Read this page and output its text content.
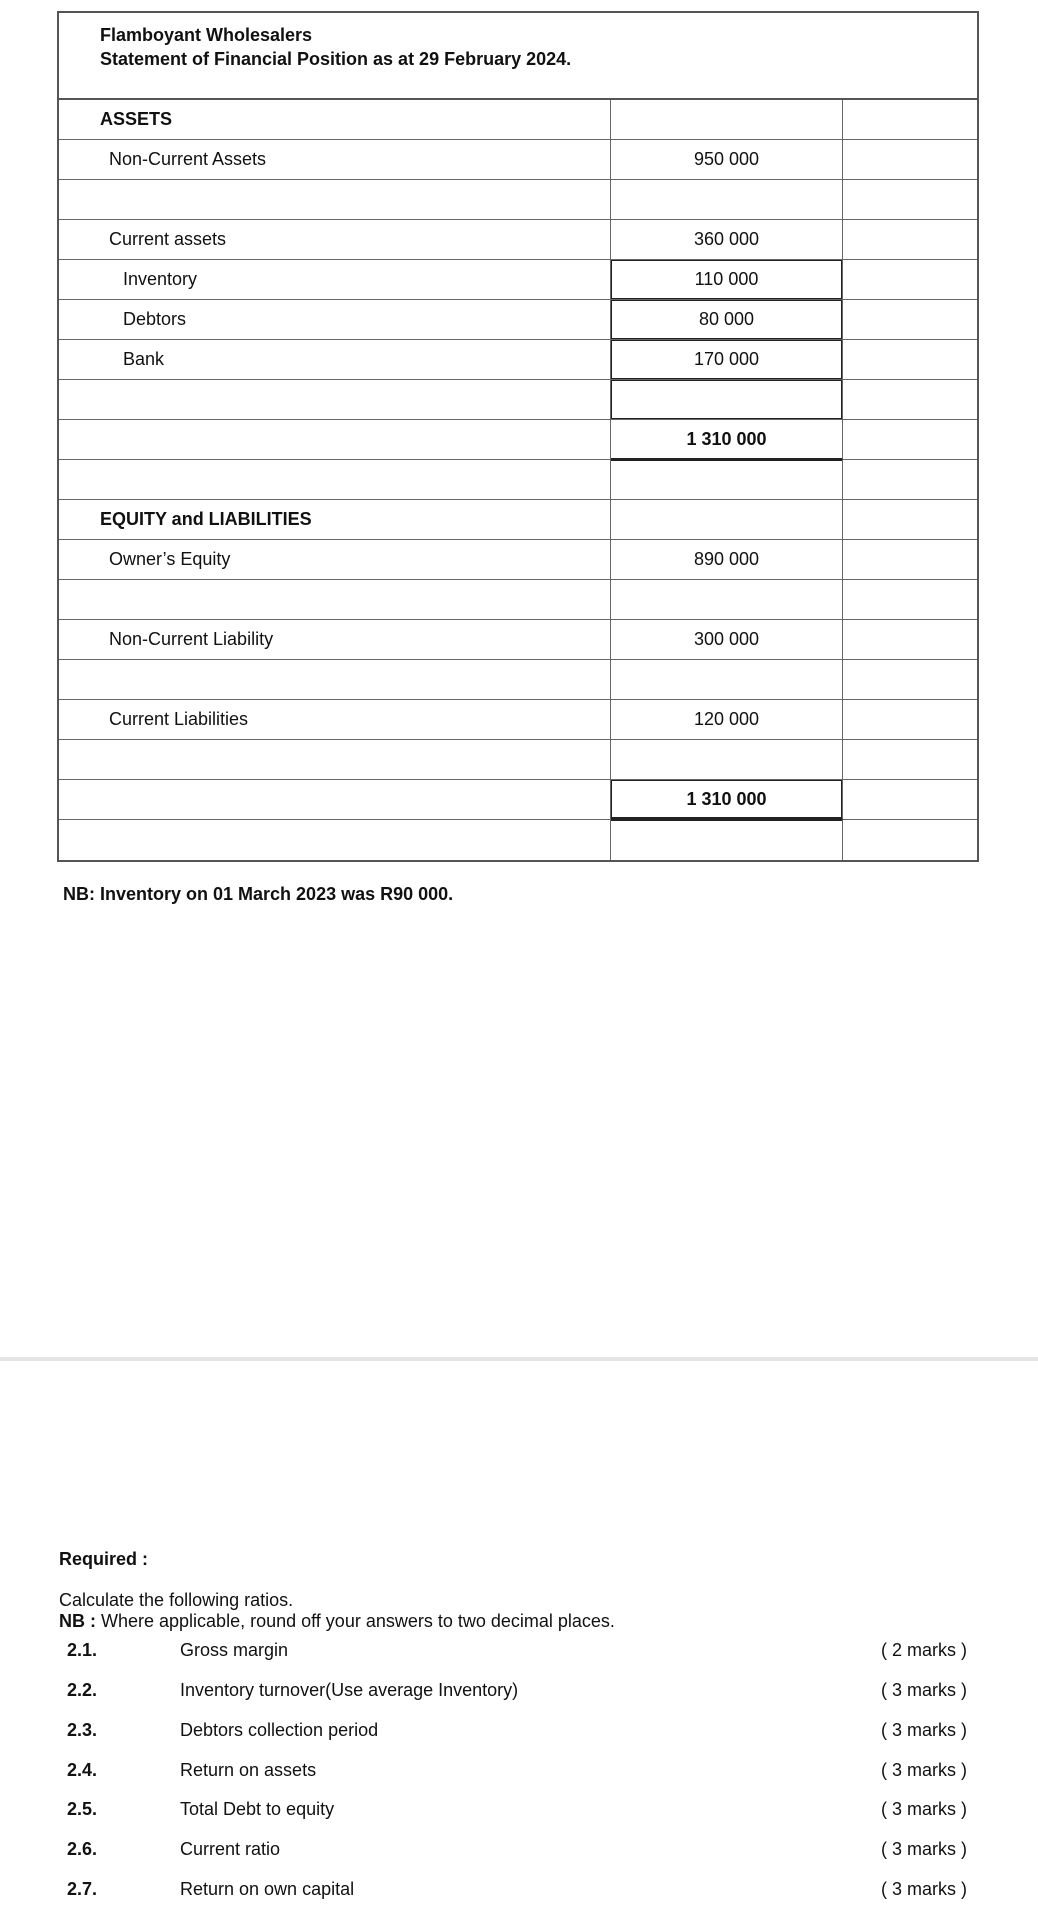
Flamboyant Wholesalers
Statement of Financial Position as at 29 February 2024.
ASSETS
Non-Current Assets	950 000
Current assets	360 000
Inventory	110 000
Debtors	80 000
Bank	170 000
1 310 000
EQUITY and LIABILITIES
Owner’s Equity	890 000
Non-Current Liability	300 000
Current Liabilities	120 000
1 310 000
NB: Inventory on 01 March 2023 was R90 000.
Required :
Calculate the following ratios.
NB : Where applicable, round off your answers to two decimal places.
2.1.	Gross margin	( 2 marks )
2.2.	Inventory turnover(Use average Inventory)	( 3 marks )
2.3.	Debtors collection period	( 3 marks )
2.4.	Return on assets	( 3 marks )
2.5.	Total Debt to equity	( 3 marks )
2.6.	Current ratio	( 3 marks )
2.7.	Return on own capital	( 3 marks )
